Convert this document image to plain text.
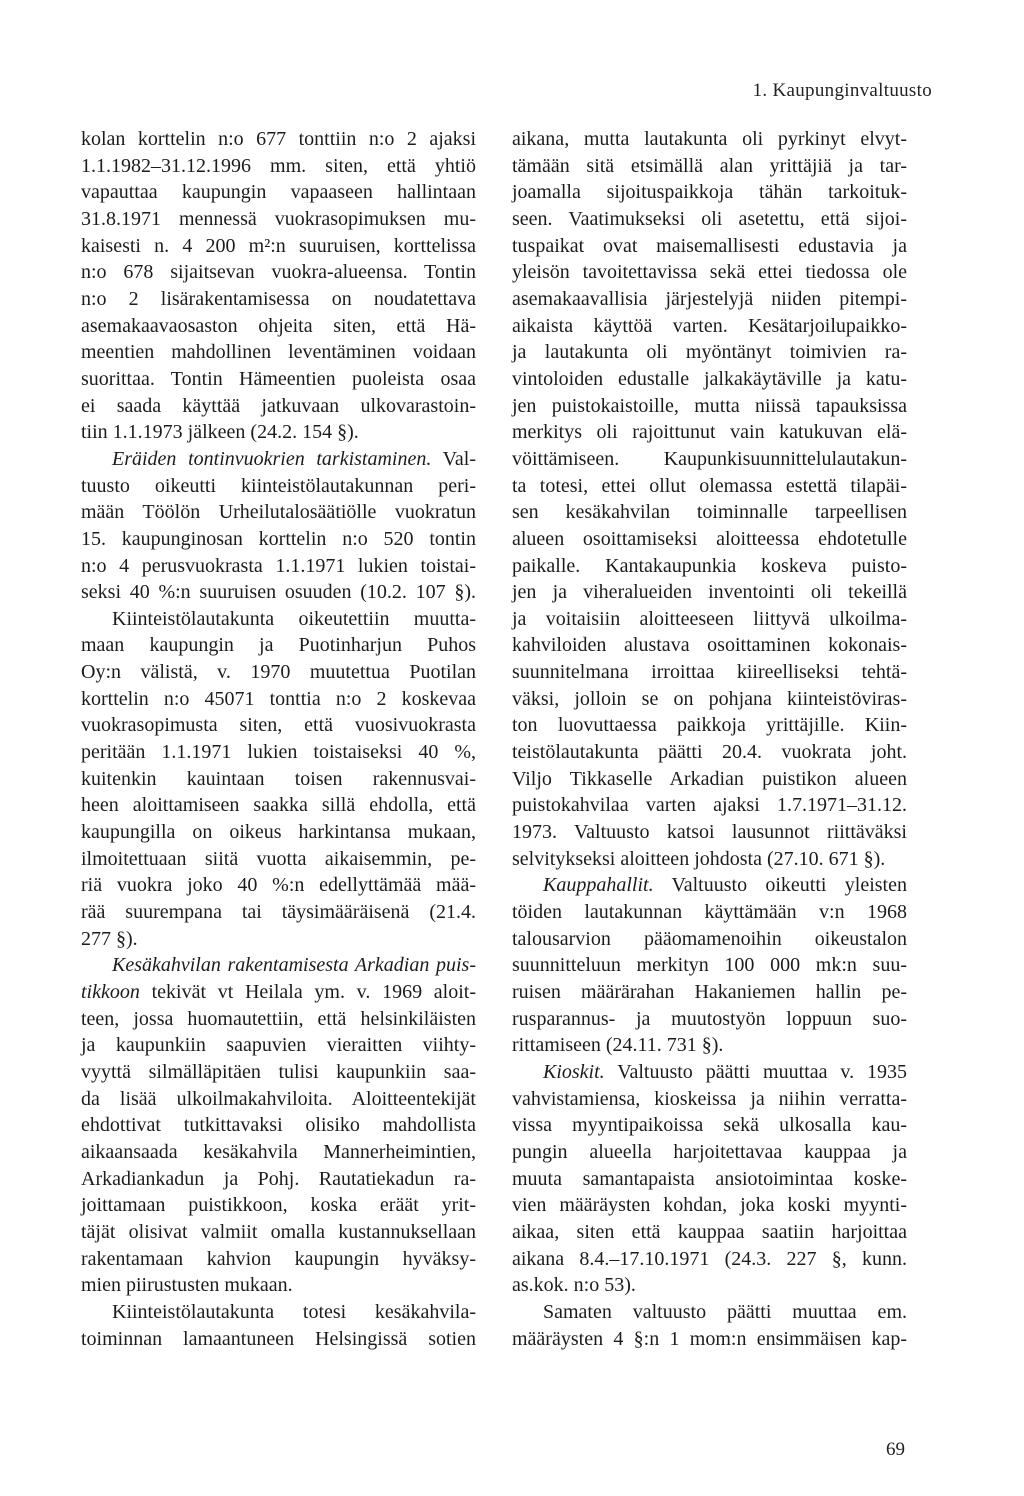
1. Kaupunginvaltuusto
kolan korttelin n:o 677 tonttiin n:o 2 ajaksi
1.1.1982–31.12.1996 mm. siten, että yhtiö
vapauttaa kaupungin vapaaseen hallintaan
31.8.1971 mennessä vuokrasopimuksen mu-
kaisesti n. 4 200 m²:n suuruisen, korttelissa
n:o 678 sijaitsevan vuokra-alueensa. Tontin
n:o 2 lisärakentamisessa on noudatettava
asemakaavaosaston ohjeita siten, että Hä-
meentien mahdollinen leventäminen voidaan
suorittaa. Tontin Hämeentien puoleista osaa
ei saada käyttää jatkuvaan ulkovarastoin-
tiin 1.1.1973 jälkeen (24.2. 154 §).
Eräiden tontinvuokrien tarkistaminen. Val-
tuusto oikeutti kiinteistölautakunnan peri-
mään Töölön Urheilutalosäätiölle vuokratun
15. kaupunginosan korttelin n:o 520 tontin
n:o 4 perusvuokrasta 1.1.1971 lukien toistai-
seksi 40 %:n suuruisen osuuden (10.2. 107 §).
Kiinteistölautakunta oikeutettiin muutta-
maan kaupungin ja Puotinharjun Puhos
Oy:n välistä, v. 1970 muutettua Puotilan
korttelin n:o 45071 tonttia n:o 2 koskevaa
vuokrasopimusta siten, että vuosivuokrasta
peritään 1.1.1971 lukien toistaiseksi 40 %,
kuitenkin kauintaan toisen rakennusvai-
heen aloittamiseen saakka sillä ehdolla, että
kaupungilla on oikeus harkintansa mukaan,
ilmoitettuaan siitä vuotta aikaisemmin, pe-
riä vuokra joko 40 %:n edellyttämää mää-
rää suurempana tai täysimääräisenä (21.4.
277 §).
Kesäkahvilan rakentamisesta Arkadian puis-
tikkoon tekivät vt Heilala ym. v. 1969 aloit-
teen, jossa huomautettiin, että helsinkiläisten
ja kaupunkiin saapuvien vieraitten viihty-
vyyttä silmälläpitäen tulisi kaupunkiin saa-
da lisää ulkoilmakahviloita. Aloitteentekijät
ehdottivat tutkittavaksi olisiko mahdollista
aikaansaada kesäkahvila Mannerheimintien,
Arkadiankadun ja Pohj. Rautatiekadun ra-
joittamaan puistikkoon, koska eräät yrit-
täjät olisivat valmiit omalla kustannuksellaan
rakentamaan kahvion kaupungin hyväksy-
mien piirustusten mukaan.
Kiinteistölautakunta totesi kesäkahvila-
toiminnan lamaantuneen Helsingissä sotien
aikana, mutta lautakunta oli pyrkinyt elvyt-
tämään sitä etsimällä alan yrittäjiä ja tar-
joamalla sijoituspaikkoja tähän tarkoituk-
seen. Vaatimukseksi oli asetettu, että sijoi-
tuspaikat ovat maisemallisesti edustavia ja
yleisön tavoitettavissa sekä ettei tiedossa ole
asemakaavallisia järjestelyjä niiden pitempi-
aikaista käyttöä varten. Kesätarjoilupaikko-
ja lautakunta oli myöntänyt toimivien ra-
vintoloiden edustalle jalkakäytäville ja katu-
jen puistokaistoille, mutta niissä tapauksissa
merkitys oli rajoittunut vain katukuvan elä-
vöittämiseen. Kaupunkisuunnittelulautakun-
ta totesi, ettei ollut olemassa estettä tilapäi-
sen kesäkahvilan toiminnalle tarpeellisen
alueen osoittamiseksi aloitteessa ehdotetulle
paikalle. Kantakaupunkia koskeva puisto-
jen ja viheralueiden inventointi oli tekeillä
ja voitaisiin aloitteeseen liittyvä ulkoilma-
kahviloiden alustava osoittaminen kokonais-
suunnitelmana irroittaa kiireelliseksi tehtä-
väksi, jolloin se on pohjana kiinteistöviras-
ton luovuttaessa paikkoja yrittäjille. Kiin-
teistölautakunta päätti 20.4. vuokrata joht.
Viljo Tikkaselle Arkadian puistikon alueen
puistokahvilaa varten ajaksi 1.7.1971–31.12.
1973. Valtuusto katsoi lausunnot riittäväksi
selvitykseksi aloitteen johdosta (27.10. 671 §).
Kauppahallit. Valtuusto oikeutti yleisten
töiden lautakunnan käyttämään v:n 1968
talousarvion pääomamenoihin oikeustalon
suunnitteluun merkityn 100 000 mk:n suu-
ruisen määrärahan Hakaniemen hallin pe-
rusparannus- ja muutostyön loppuun suo-
rittamiseen (24.11. 731 §).
Kioskit. Valtuusto päätti muuttaa v. 1935
vahvistamiensa, kioskeissa ja niihin verratta-
vissa myyntipaikoissa sekä ulkosalla kau-
pungin alueella harjoitettavaa kauppaa ja
muuta samantapaista ansiotoimintaa koske-
vien määräysten kohdan, joka koski myynti-
aikaa, siten että kauppaa saatiin harjoittaa
aikana 8.4.–17.10.1971 (24.3. 227 §, kunn.
as.kok. n:o 53).
Samaten valtuusto päätti muuttaa em.
määräysten 4 §:n 1 mom:n ensimmäisen kap-
69
